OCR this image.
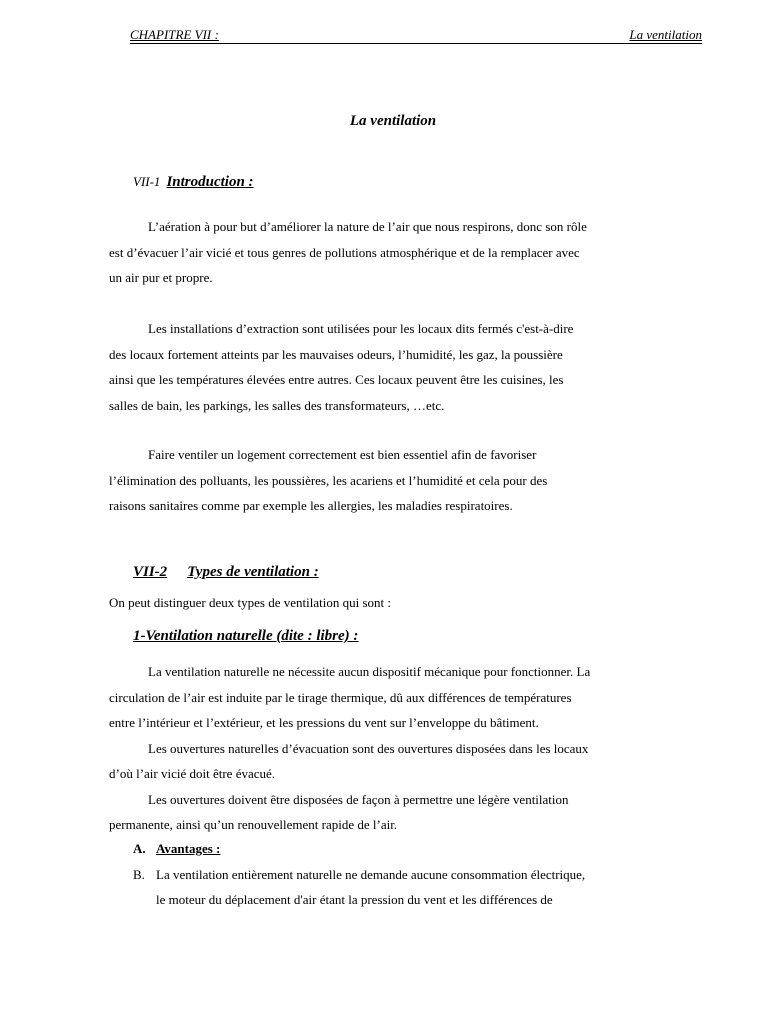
CHAPITRE VII :	La ventilation
La ventilation
VII-1 Introduction :
L’aération à pour but d’améliorer la nature de l’air que nous respirons, donc son rôle
est d’évacuer l’air vicié et tous genres de pollutions atmosphérique et de la remplacer avec
un air pur et propre.
Les installations d’extraction sont utilisées pour les locaux dits fermés c'est-à-dire
des locaux fortement atteints par les mauvaises odeurs, l’humidité, les gaz, la poussière
ainsi que les températures élevées entre autres. Ces locaux peuvent être les cuisines, les
salles de bain, les parkings, les salles des transformateurs, …etc.
Faire ventiler un logement correctement est bien essentiel afin de favoriser
l’élimination des polluants, les poussières, les acariens et l’humidité et cela pour des
raisons sanitaires comme par exemple les allergies, les maladies respiratoires.
VII-2 Types de ventilation :
On peut distinguer deux types de ventilation qui sont :
1-Ventilation naturelle (dite : libre) :
La ventilation naturelle ne nécessite aucun dispositif mécanique pour fonctionner. La
circulation de l’air est induite par le tirage thermique, dû aux différences de températures
entre l’intérieur et l’extérieur, et les pressions du vent sur l’enveloppe du bâtiment.
Les ouvertures naturelles d’évacuation sont des ouvertures disposées dans les locaux
d’où l’air vicié doit être évacué.
Les ouvertures doivent être disposées de façon à permettre une légère ventilation
permanente, ainsi qu’un renouvellement rapide de l’air.
A. Avantages :
B. La ventilation entièrement naturelle ne demande aucune consommation électrique,
le moteur du déplacement d'air étant la pression du vent et les différences de
